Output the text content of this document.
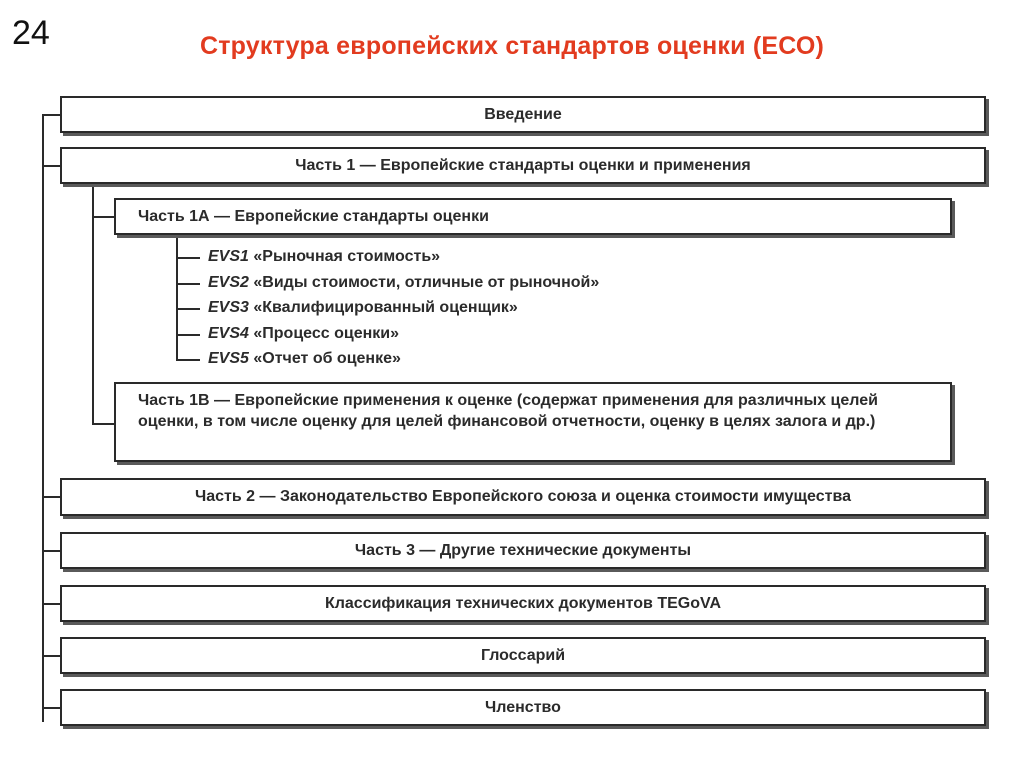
24	Структура европейских стандартов оценки (ЕСО)
Введение
Часть 1 — Европейские стандарты оценки и применения
Часть 1А — Европейские стандарты оценки
EVS1 «Рыночная стоимость»
EVS2 «Виды стоимости, отличные от рыночной»
EVS3 «Квалифицированный оценщик»
EVS4 «Процесс оценки»
EVS5 «Отчет об оценке»
Часть 1В — Европейские применения к оценке (содержат применения для различных целей оценки, в том числе оценку для целей финансовой отчетности, оценку в целях залога и др.)
Часть 2 — Законодательство Европейского союза и оценка стоимости имущества
Часть 3 — Другие технические документы
Классификация технических документов TEGoVA
Глоссарий
Членство
